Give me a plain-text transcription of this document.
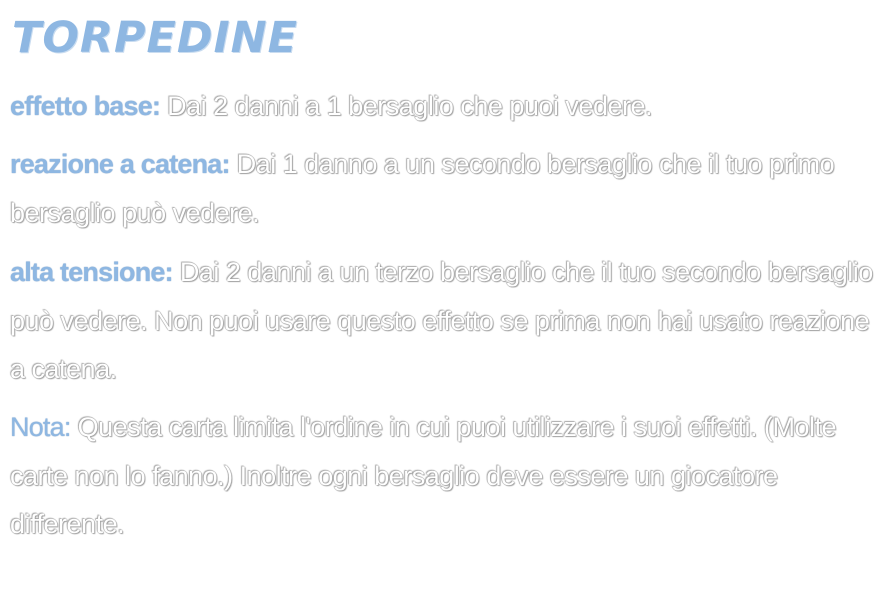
TORPEDINE

effetto base: Dai 2 danni a 1 bersaglio che puoi vedere.

reazione a catena: Dai 1 danno a un secondo bersaglio che il tuo primo bersaglio può vedere.

alta tensione: Dai 2 danni a un terzo bersaglio che il tuo secondo bersaglio può vedere. Non puoi usare questo effetto se prima non hai usato reazione a catena.

Nota: Questa carta limita l'ordine in cui puoi utilizzare i suoi effetti. (Molte carte non lo fanno.) Inoltre ogni bersaglio deve essere un giocatore differente.
